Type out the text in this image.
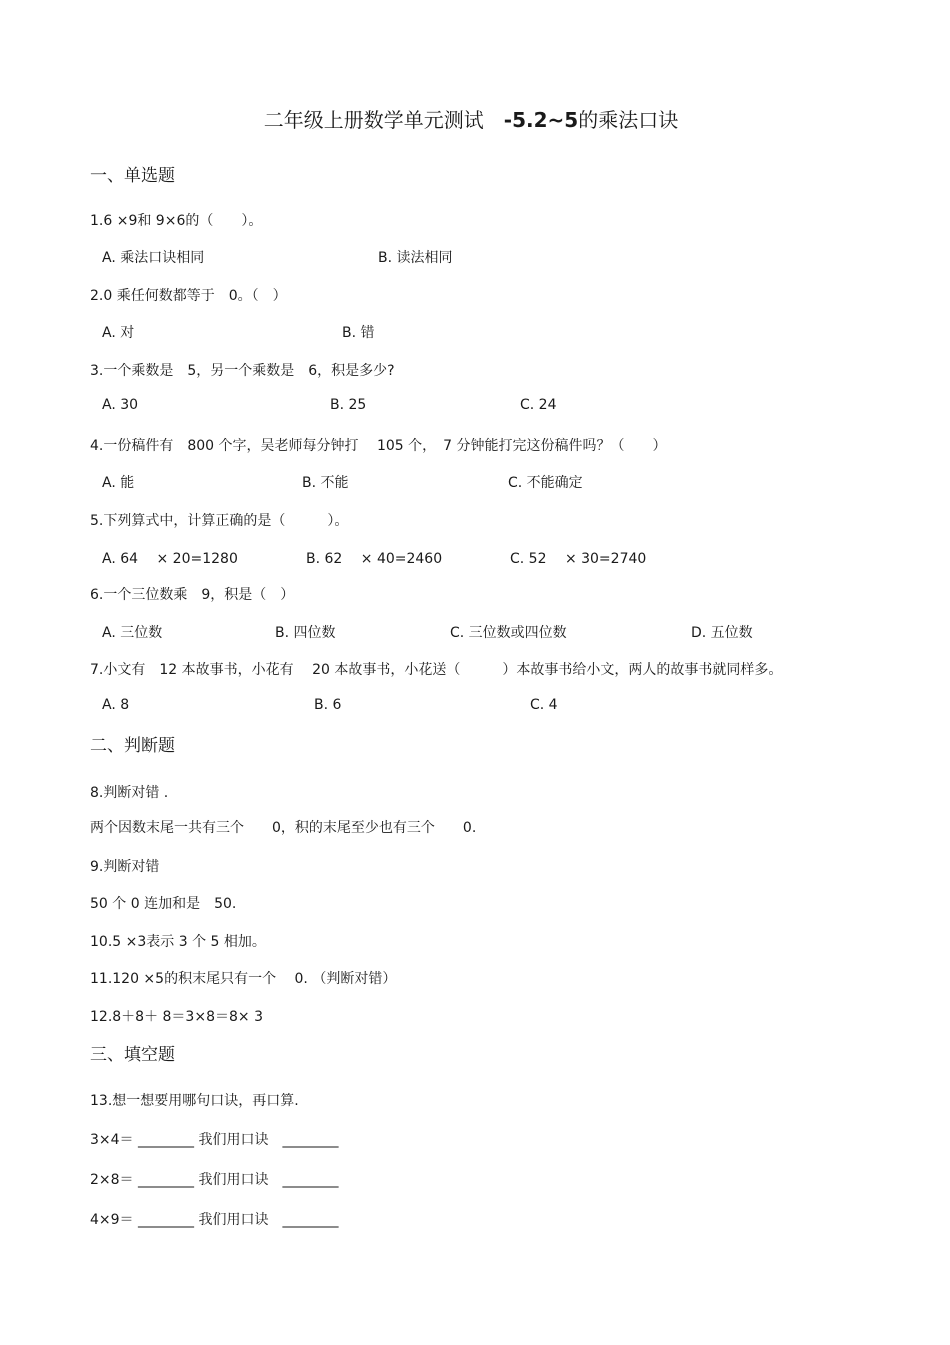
二年级上册数学单元测试　 -5.2~5的乘法口诀
一、单选题
1.6 ×9和 9×6的（　　）。
A. 乘法口诀相同	B. 读法相同
2.0 乘任何数都等于　0。（　）
A. 对	B. 错
3.一个乘数是　5，另一个乘数是　6，积是多少?
A. 30	B. 25	C. 24
4.一份稿件有　800 个字，吴老师每分钟打　 105 个，　7 分钟能打完这份稿件吗？（　　）
A. 能	B. 不能	C. 不能确定
5.下列算式中，计算正确的是（　　　）。
A. 64 　× 20=1280	B. 62 　× 40=2460	C. 52 　× 30=2740
6.一个三位数乘　9，积是（　）
A. 三位数	B. 四位数	C. 三位数或四位数	D. 五位数
7.小文有　12 本故事书，小花有　 20 本故事书，小花送（　　　）本故事书给小文，两人的故事书就同样多。
A. 8	B. 6	C. 4
二、判断题
8.判断对错 .
两个因数末尾一共有三个　　0，积的末尾至少也有三个　　0.
9.判断对错
50 个 0 连加和是　50.
10.5 ×3表示 3 个 5 相加。
11.120 ×5的积末尾只有一个　 0. （判断对错）
12.8＋8＋ 8＝3×8＝8× 3
三、填空题
13.想一想要用哪句口诀，再口算.
3×4＝ ________ 我们用口诀　________
2×8＝ ________ 我们用口诀　________
4×9＝ ________ 我们用口诀　________
